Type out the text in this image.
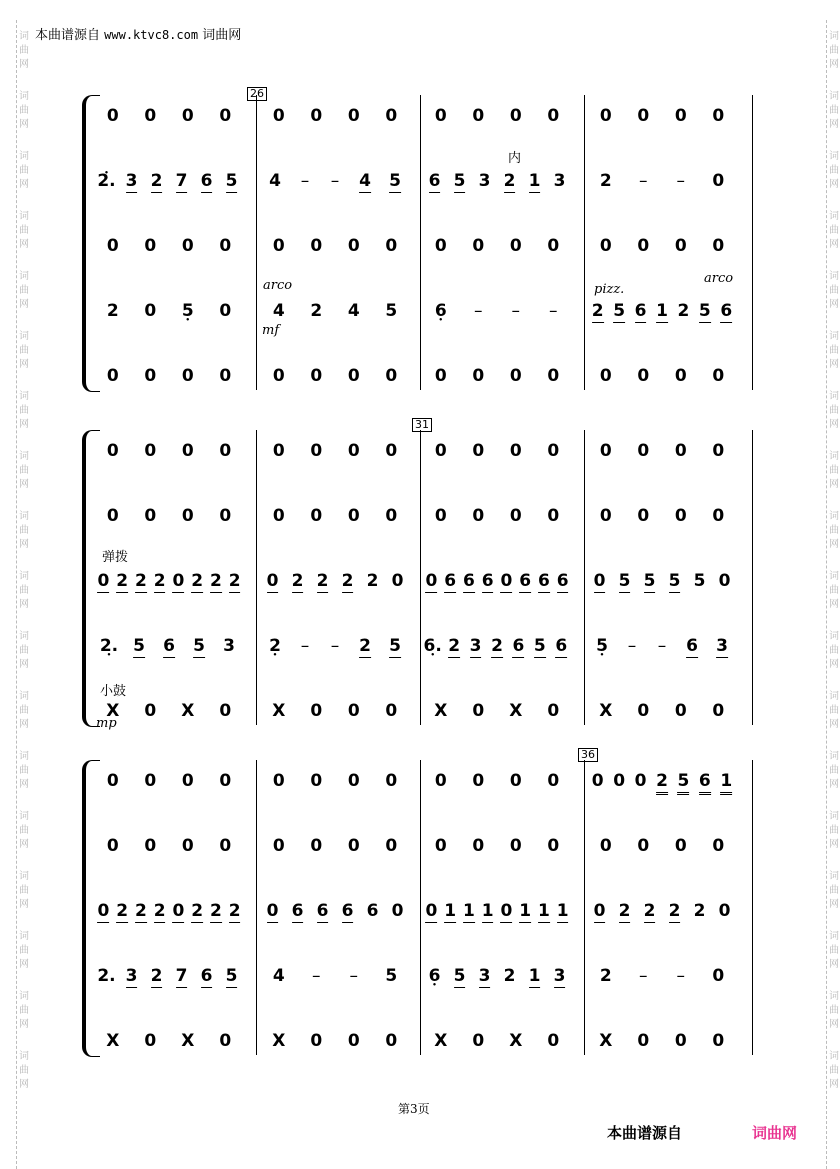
词
曲
网
词
曲
网
词
曲
网
词
曲
网
词
曲
网
词
曲
网
词
曲
网
词
曲
网
词
曲
网
词
曲
网
词
曲
网
词
曲
网
词
曲
网
词
曲
网
词
曲
网
词
曲
网
词
曲
网
词
曲
网
词
曲
网
词
曲
网
词
曲
网
词
曲
网
词
曲
网
词
曲
网
词
曲
网
词
曲
网
词
曲
网
词
曲
网
词
曲
网
词
曲
网
词
曲
网
词
曲
网
词
曲
网
词
曲
网
词
曲
网
词
曲
网
本曲谱源自 www.ktvc8.com 词曲网
0 0 0 0 0 0 0 0 0 0 0 0 0 0 0 0
• 2. 3 2 7 6 5 4 – – 4 5 6 5 3 2 1 3 2 – – 0
0 0 0 0 0 0 0 0 0 0 0 0 0 0 0 0
2 0 5 • 0 4 2 4 5 6 • – – – 2 5 6 1 2 5 6
0 0 0 0 0 0 0 0 0 0 0 0 0 0 0 0
26
arco
mf
pizz.
arco
内
0 0 0 0 0 0 0 0 0 0 0 0 0 0 0 0
0 0 0 0 0 0 0 0 0 0 0 0 0 0 0 0
0 2 2 2 0 2 2 2 0 2 2 2 2 0 0 6 6 6 0 6 6 6 0 5 5 5 5 0
2. • 5 6 5 3 2 • – – 2 5 6. • 2 3 2 6 5 6 5 • – – 6 3
X 0 X 0 X 0 0 0 X 0 X 0 X 0 0 0
31
弹拨
小鼓
mp
0 0 0 0 0 0 0 0 0 0 0 0 0 0 0 2 5 6 1
0 0 0 0 0 0 0 0 0 0 0 0 0 0 0 0
0 2 2 2 0 2 2 2 0 6 6 6 6 0 0 1 1 1 0 1 1 1 0 2 2 2 2 0
2. 3 2 7 6 5 4 – – 5 6 • 5 3 2 1 3 2 – – 0
X 0 X 0 X 0 0 0 X 0 X 0 X 0 0 0
36
第3页
本曲谱源自	词曲网
